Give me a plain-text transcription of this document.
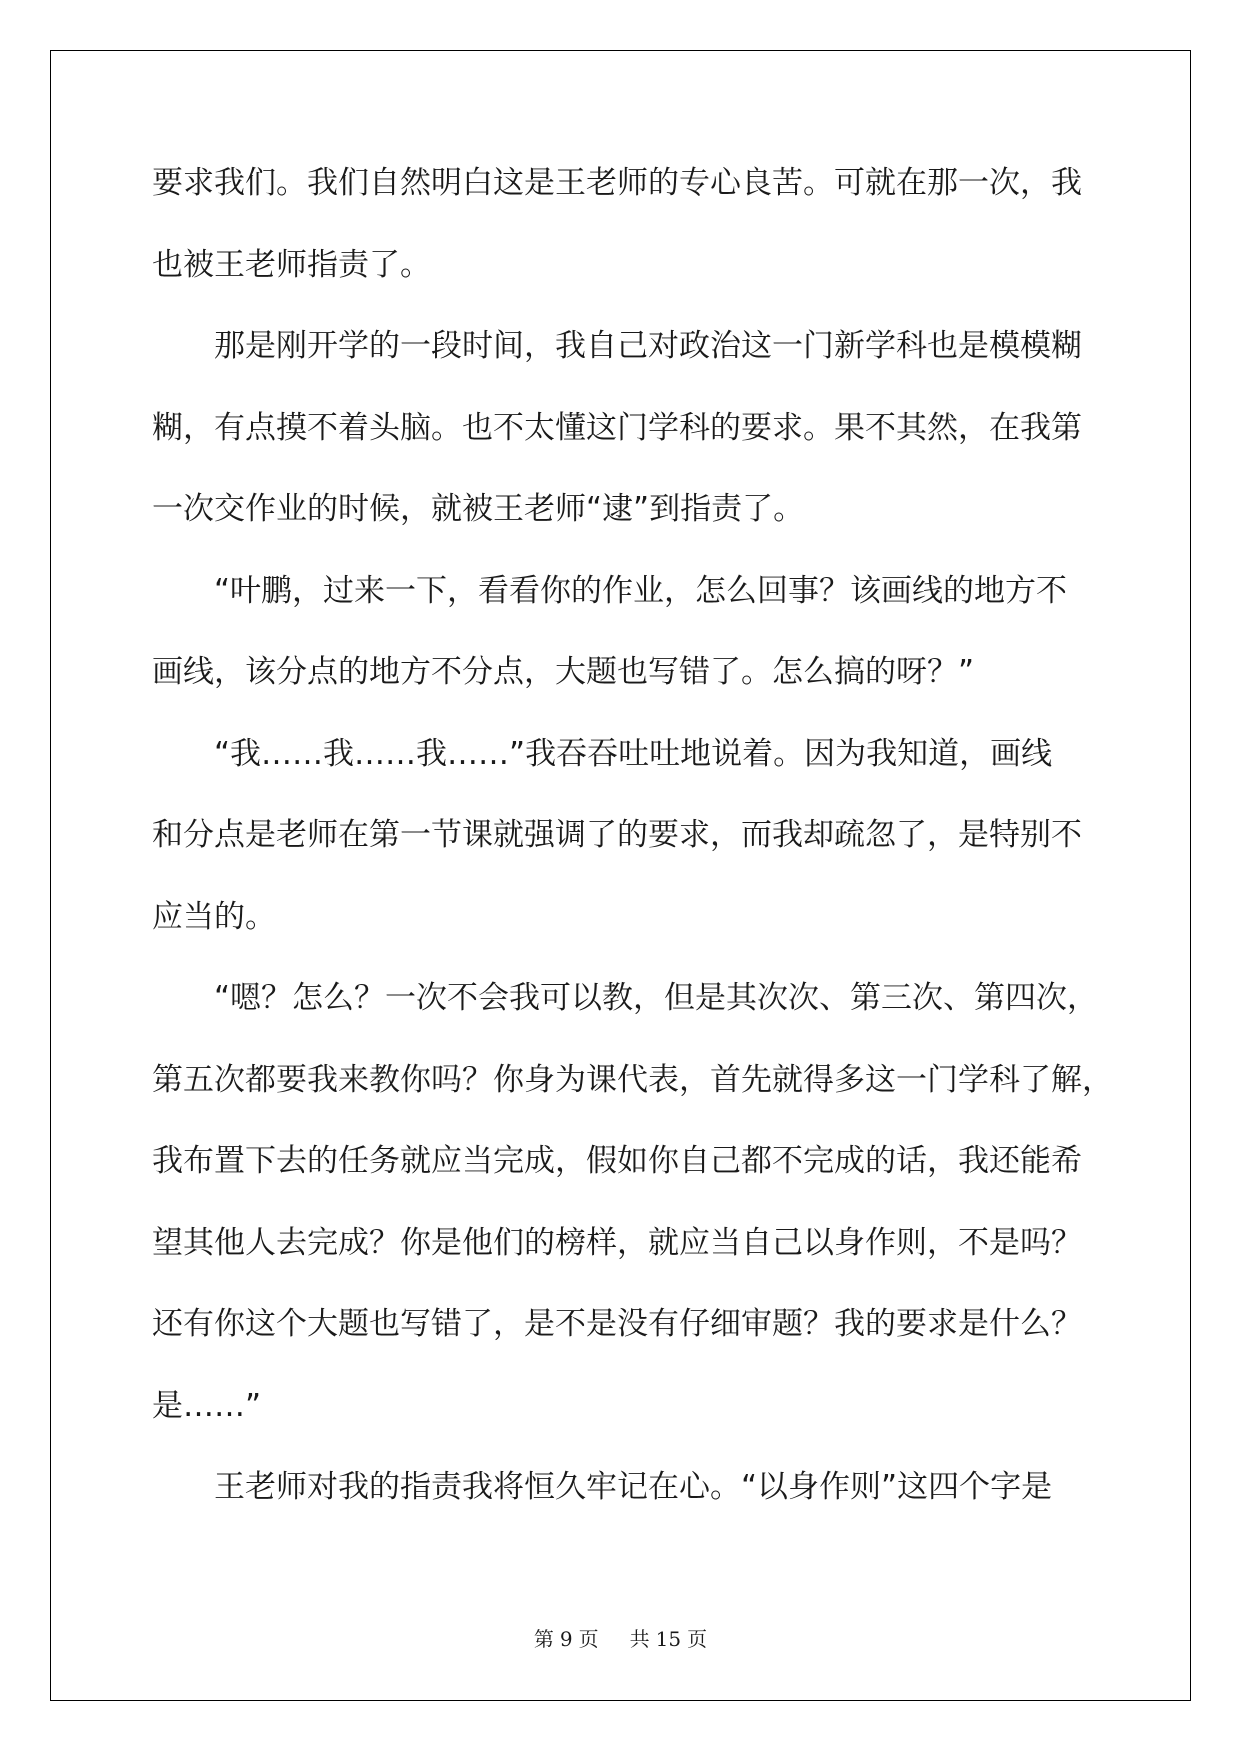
要求我们。我们自然明白这是王老师的专心良苦。可就在那一次，我
也被王老师指责了。
那是刚开学的一段时间，我自己对政治这一门新学科也是模模糊
糊，有点摸不着头脑。也不太懂这门学科的要求。果不其然，在我第
一次交作业的时候，就被王老师“逮”到指责了。
“叶鹏，过来一下，看看你的作业，怎么回事？该画线的地方不
画线，该分点的地方不分点，大题也写错了。怎么搞的呀？”
“我……我……我……”我吞吞吐吐地说着。因为我知道，画线
和分点是老师在第一节课就强调了的要求，而我却疏忽了，是特别不
应当的。
“嗯？怎么？一次不会我可以教，但是其次次、第三次、第四次，
第五次都要我来教你吗？你身为课代表，首先就得多这一门学科了解，
我布置下去的任务就应当完成，假如你自己都不完成的话，我还能希
望其他人去完成？你是他们的榜样，就应当自己以身作则，不是吗？
还有你这个大题也写错了，是不是没有仔细审题？我的要求是什么？
是……”
王老师对我的指责我将恒久牢记在心。“以身作则”这四个字是
第 9 页 共 15 页
